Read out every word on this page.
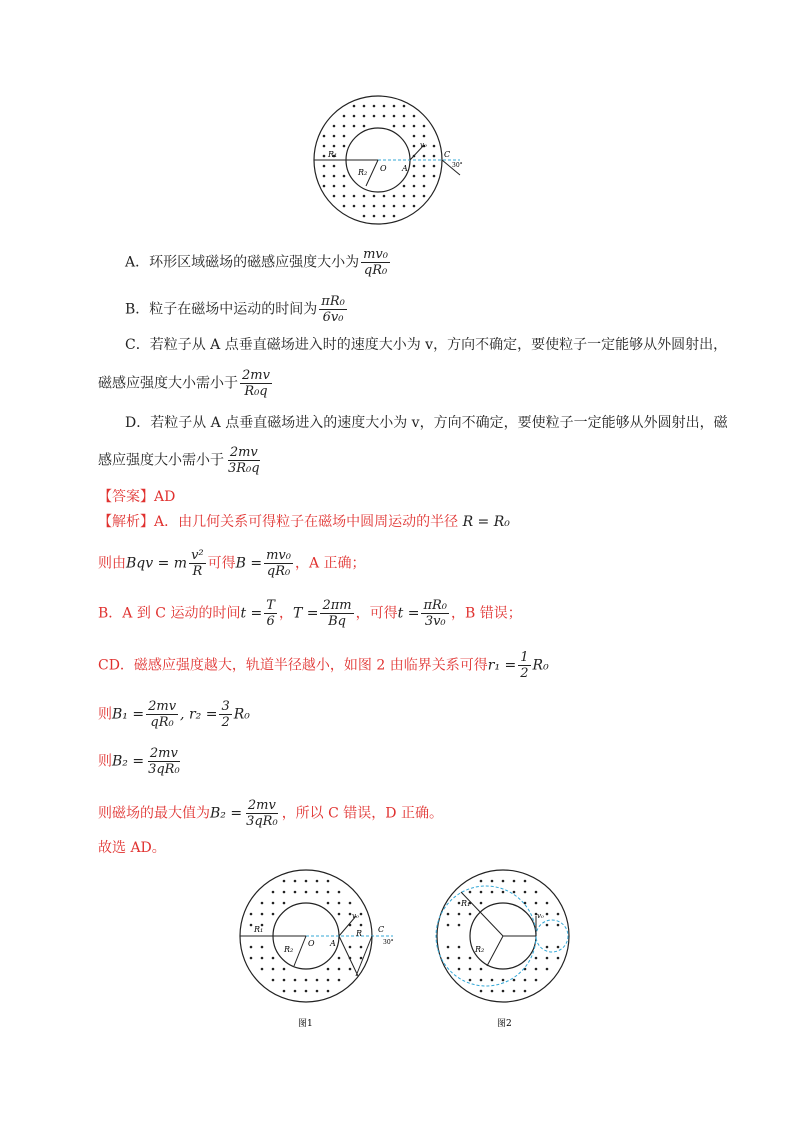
R₁
R₂ O A
C
v₀
30°
A．环形区域磁场的磁感应强度大小为 $\frac{\text{mv₀}}{\text{qR₀}}$
B．粒子在磁场中运动的时间为 $\frac{\text{πR₀}}{\text{6v₀}}$
C．若粒子从 A 点垂直磁场进入时的速度大小为 v，方向不确定，要使粒子一定能够从外圆射出，
磁感应强度大小需小于 $\frac{2mv}{\text{R₀q}}$
D．若粒子从 A 点垂直磁场进入的速度大小为 v，方向不确定，要使粒子一定能够从外圆射出，磁
感应强度大小需小于 $\frac{2mv}{\text{3R₀q}}$
【答案】AD
【解析】A．由几何关系可得粒子在磁场中圆周运动的半径 R = R₀
则由Bqv = m $\frac{\text{v²}}{R}$ 可得$B = \frac{\text{mv₀}}{\text{qR₀}}$ ，A 正确；
B．A 到 C 运动的时间$t = \frac{T}{6}$ ，$T = \frac{2\pi m}{Bq}$ ，可得$t = \frac{\text{πR₀}}{\text{3v₀}}$ ，B 错误；
CD．磁感应强度越大，轨道半径越小，如图 2 由临界关系可得$r_1 = \frac{1}{2} R_0$
则$B_1 = \frac{2mv}{\text{qR₀}}$ , $r_2 = \frac{3}{2} R_0$
则$B_2 = \frac{2mv}{\text{3qR₀}}$
则磁场的最大值为$B_2 = \frac{2mv}{\text{3qR₀}}$ ，所以 C 错误，D 正确。
故选 AD。
R₁
R₂
O A
C
R
v₀
30°
图1
R₁
R₂
v₀
图2
